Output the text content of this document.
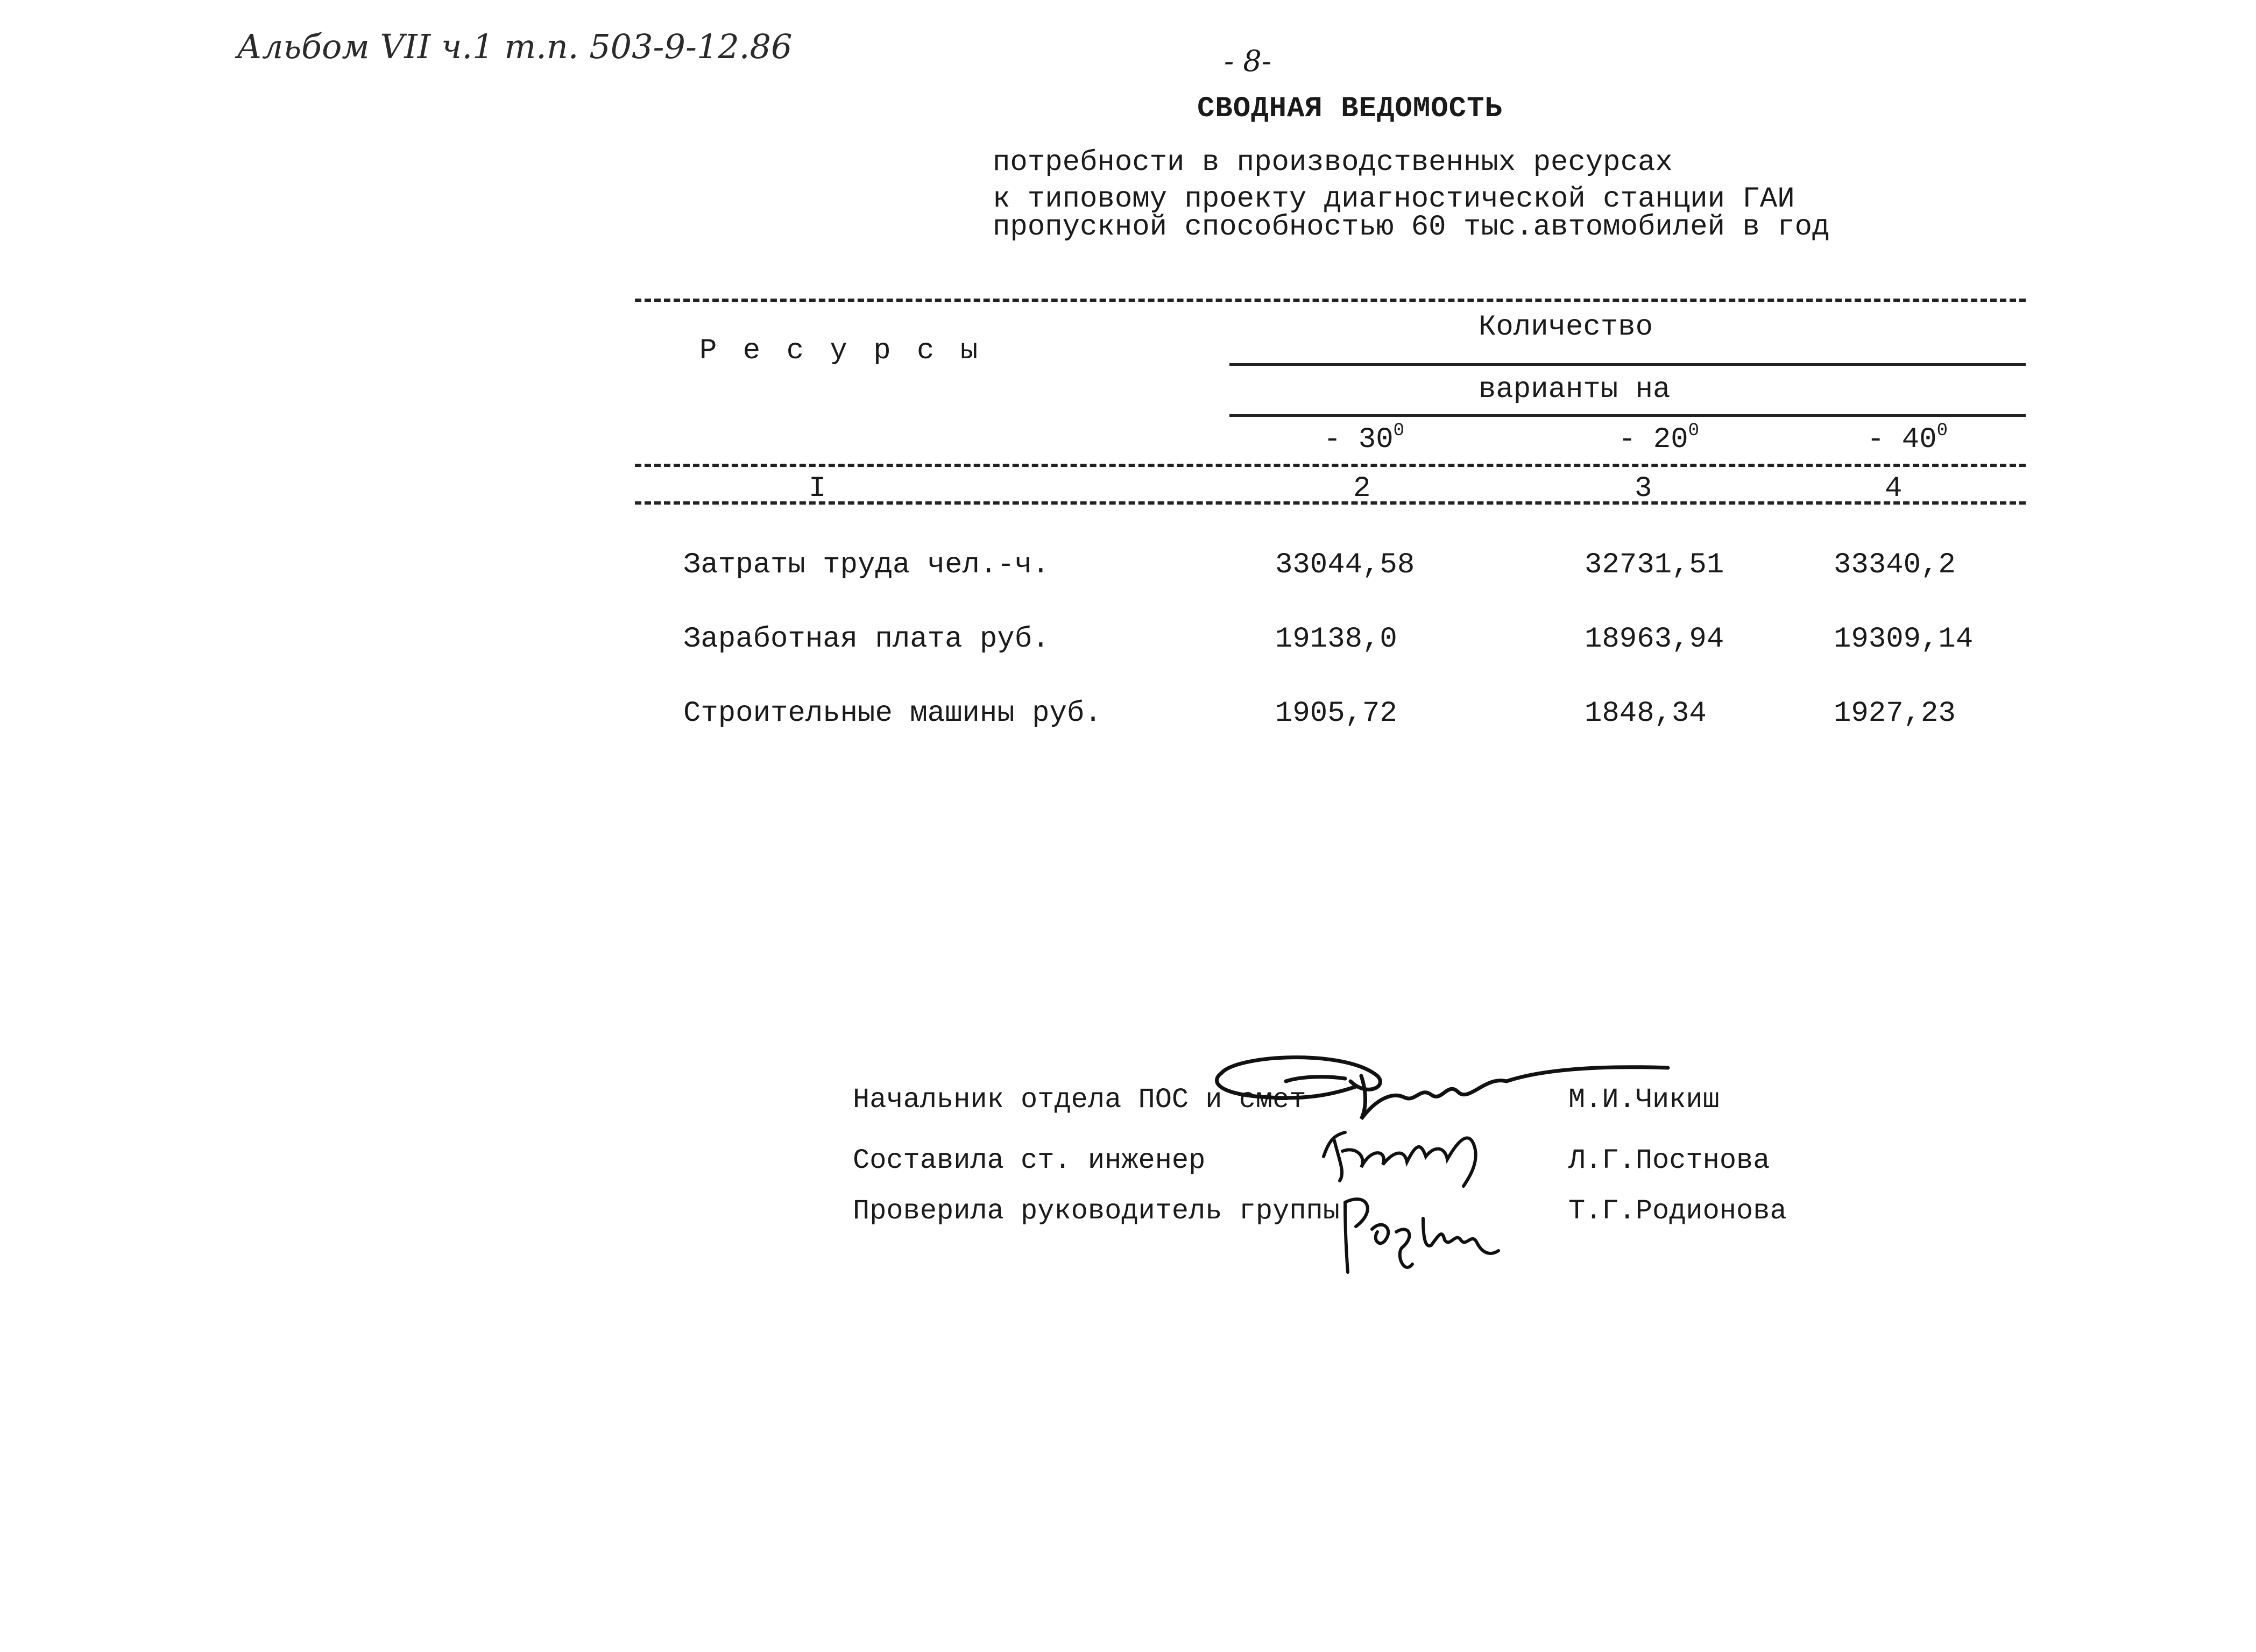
Альбом VII ч.1 т.п. 503-9-12.86	- 8-
СВОДНАЯ ВЕДОМОСТЬ
потребности в производственных ресурсах
к типовому проекту диагностической станции ГАИ
пропускной способностью 60 тыс.автомобилей в год
Р е с у р с ы
Количество
варианты на
- $30^0$	- $20^0$	- $40^0$
I	2	3	4
Затраты труда чел.-ч.	33044,58	32731,51	33340,2
Заработная плата руб.	19138,0	18963,94	19309,14
Строительные машины руб.	1905,72	1848,34	1927,23
Начальник отдела ПОС и смет	М.И.Чикиш
Составила ст. инженер	Л.Г.Постнова
Проверила руководитель группы	Т.Г.Родионова
